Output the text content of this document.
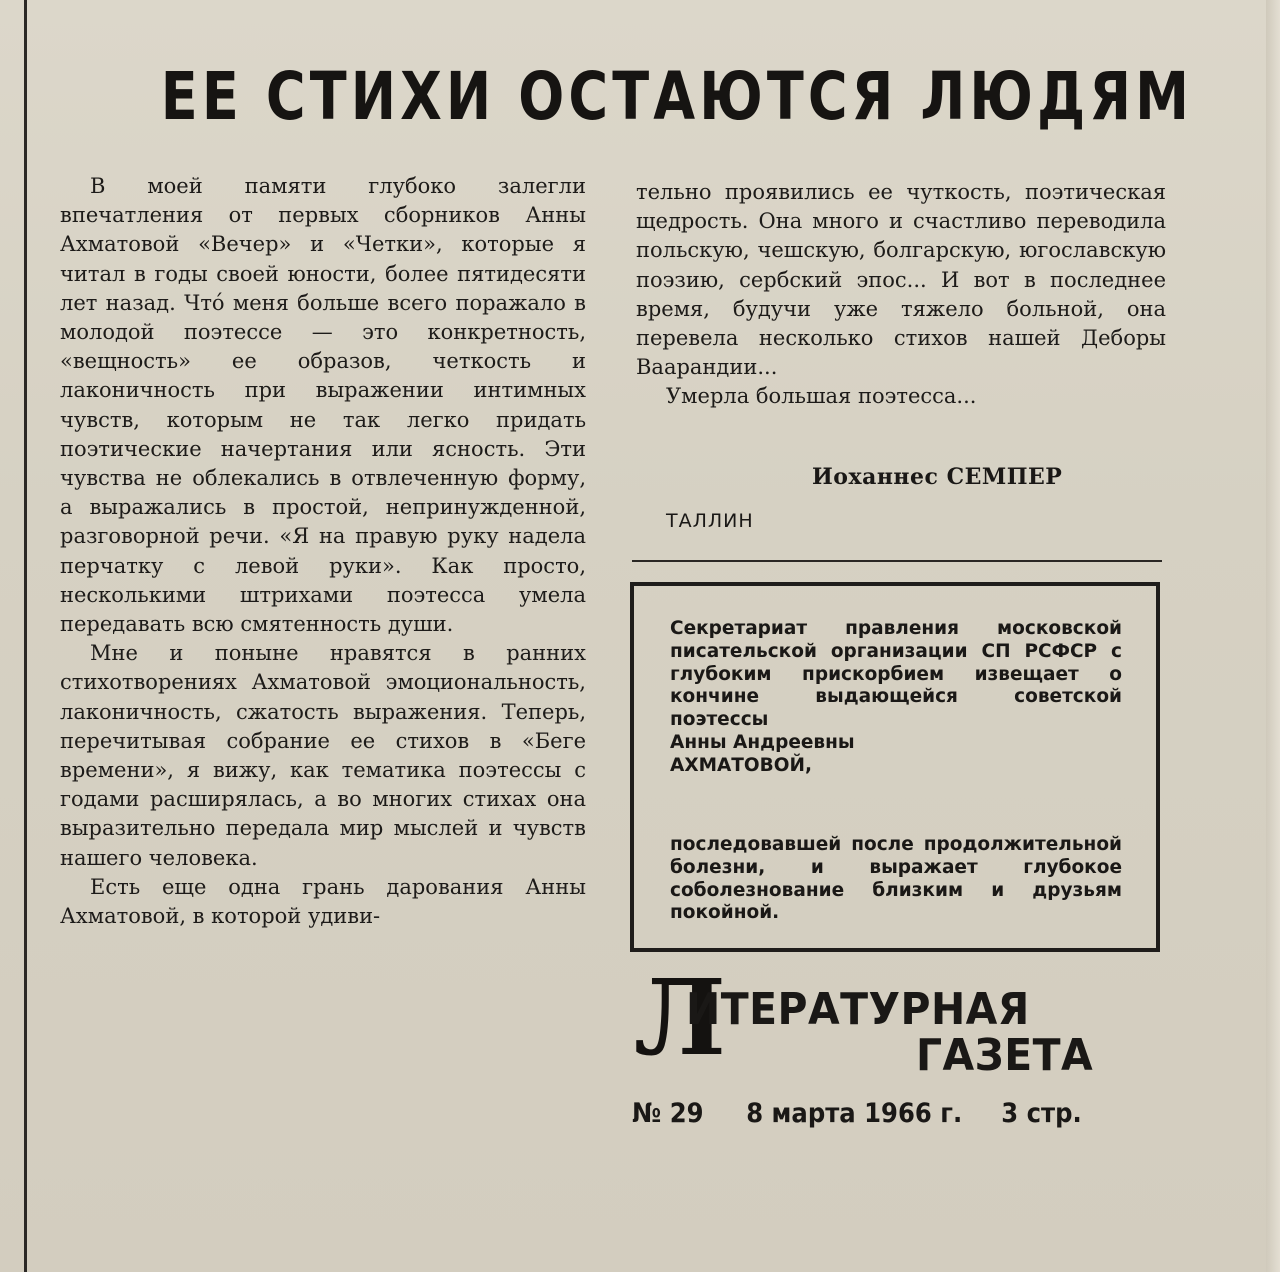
ЕЕ СТИХИ ОСТАЮТСЯ ЛЮДЯМ

В моей памяти глубоко залегли впечатления от первых сборников Анны Ахматовой «Вечер» и «Четки», которые я читал в годы своей юности, более пятидесяти лет назад. Что́ меня больше всего поражало в молодой поэтессе — это конкретность, «вещность» ее образов, четкость и лаконичность при выражении интимных чувств, которым не так легко придать поэтические начертания или ясность. Эти чувства не облекались в отвлеченную форму, а выражались в простой, непринужденной, разговорной речи. «Я на правую руку надела перчатку с левой руки». Как просто, несколькими штрихами поэтесса умела передавать всю смятенность души.

Мне и поныне нравятся в ранних стихотворениях Ахматовой эмоциональность, лаконичность, сжатость выражения. Теперь, перечитывая собрание ее стихов в «Беге времени», я вижу, как тематика поэтессы с годами расширялась, а во многих стихах она выразительно передала мир мыслей и чувств нашего человека.

Есть еще одна грань дарования Анны Ахматовой, в которой удиви-

тельно проявились ее чуткость, поэтическая щедрость. Она много и счастливо переводила польскую, чешскую, болгарскую, югославскую поэзию, сербский эпос... И вот в последнее время, будучи уже тяжело больной, она перевела несколько стихов нашей Деборы Ваарандии...

Умерла большая поэтесса...

Иоханнес СЕМПЕР
ТАЛЛИН
Секретариат правления московской писательской организации СП РСФСР с глубоким прискорбием извещает о кончине выдающейся советской поэтессы
Анны Андреевны
АХМАТОВОЙ,
последовавшей после продолжительной болезни, и выражает глубокое соболезнование близким и друзьям покойной.
Л
ИТЕРАТУРНАЯ
ГАЗЕТА
№ 29 8 марта 1966 г. 3 стр.
